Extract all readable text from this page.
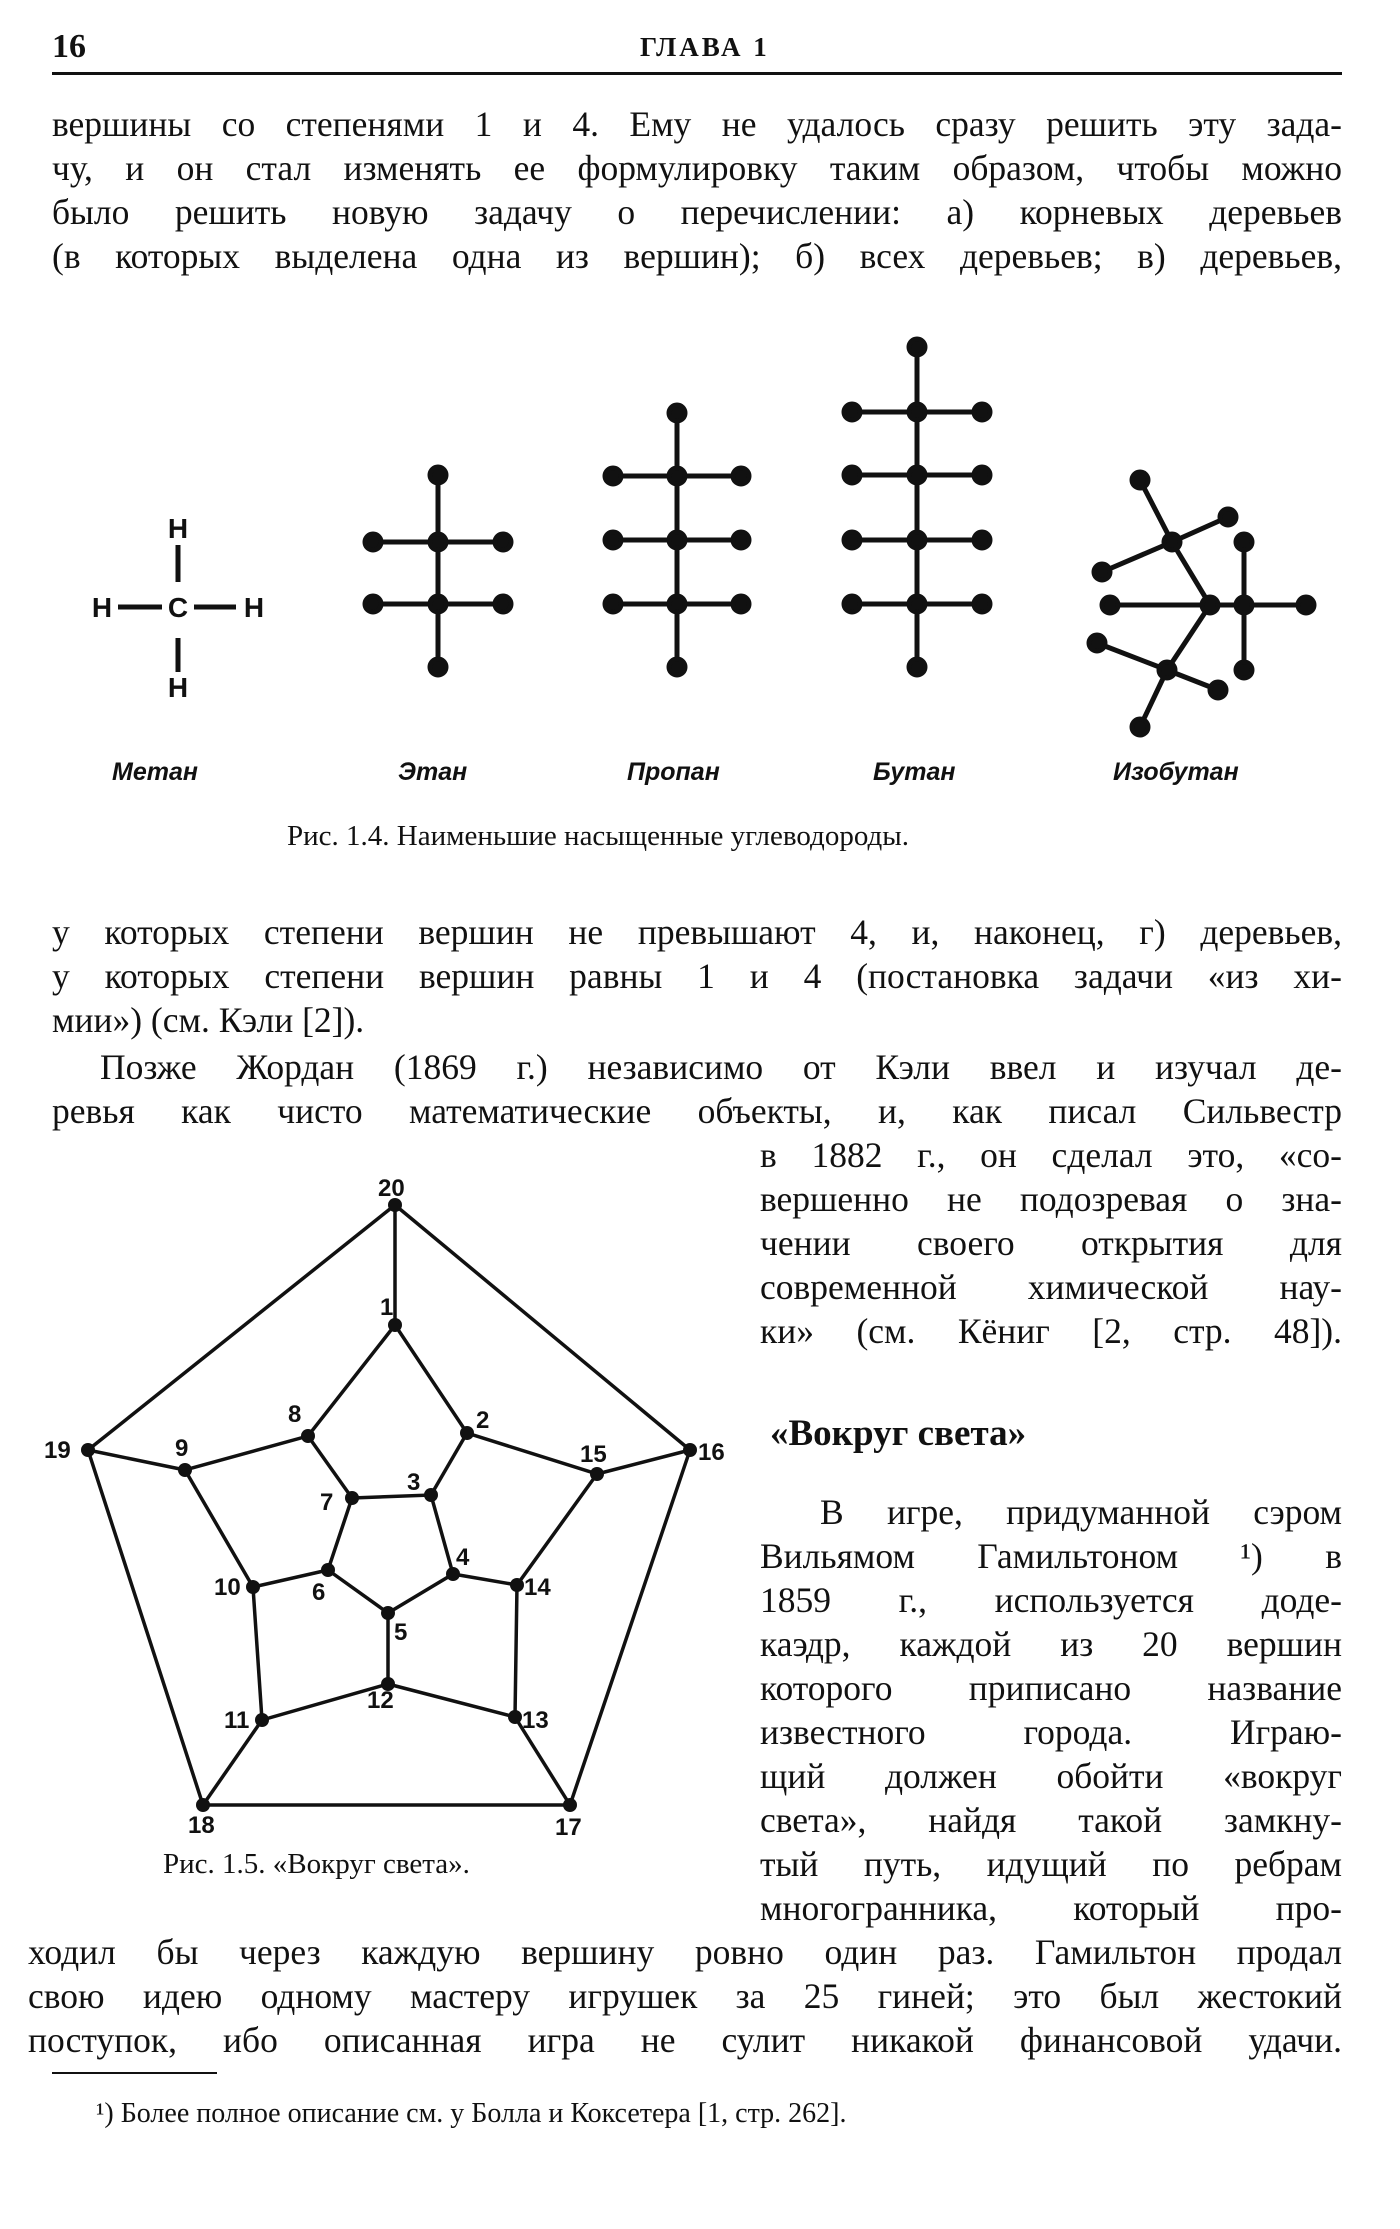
16	ГЛАВА 1
вершины со степенями 1 и 4. Ему не удалось сразу решить эту зада-
чу, и он стал изменять ее формулировку таким образом, чтобы можно
было решить новую задачу о перечислении: а) корневых деревьев
(в которых выделена одна из вершин); б) всех деревьев; в) деревьев,
H
C
H	H
H
Метан	Этан	Пропан	Бутан	Изобутан
Рис. 1.4. Наименьшие насыщенные углеводороды.
у которых степени вершин не превышают 4, и, наконец, г) деревьев,
у которых степени вершин равны 1 и 4 (постановка задачи «из хи-
мии») (см. Кэли [2]).
Позже Жордан (1869 г.) независимо от Кэли ввел и изучал де-
ревья как чисто математические объекты, и, как писал Сильвестр
в 1882 г., он сделал это, «со-
вершенно не подозревая о зна-
чении своего открытия для
современной химической нау-
ки» (см. Кёниг [2, стр. 48]).
«Вокруг света»
В игре, придуманной сэром
Вильямом Гамильтоном ¹) в
1859 г., используется доде-
каэдр, каждой из 20 вершин
которого приписано название
известного города. Играю-
щий должен обойти «вокруг
света», найдя такой замкну-
тый путь, идущий по ребрам
многогранника, который про-
ходил бы через каждую вершину ровно один раз. Гамильтон продал
свою идею одному мастеру игрушек за 25 гиней; это был жестокий
поступок, ибо описанная игра не сулит никакой финансовой удачи.
1
2
3
4
5
6
7
8
9
10
11
12
13
14
15	16
17
18
19
20
Рис. 1.5. «Вокруг света».
¹) Более полное описание см. у Болла и Коксетера [1, стр. 262].
